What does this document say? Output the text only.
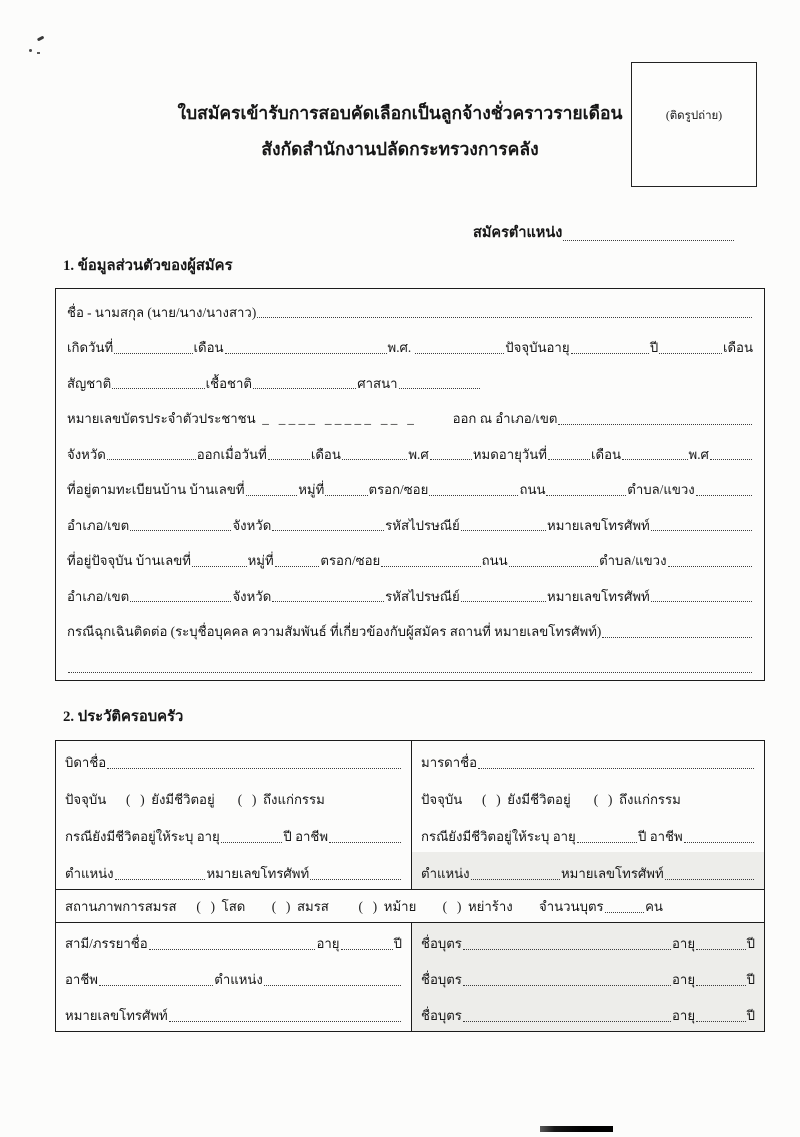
ใบสมัครเข้ารับการสอบคัดเลือกเป็นลูกจ้างชั่วคราวรายเดือน
สังกัดสำนักงานปลัดกระทรวงการคลัง
(ติดรูปถ่าย)
สมัครตำแหน่ง
1. ข้อมูลส่วนตัวของผู้สมัคร
ชื่อ - นามสกุล (นาย/นาง/นางสาว)
เกิดวันที่	เดือน	พ.ศ.	ปัจจุบันอายุ	ปี	เดือน
สัญชาติ	เชื้อชาติ	ศาสนา
หมายเลขบัตรประจำตัวประชาชน  _   _ _ _ _   _ _ _ _ _   _ _   _	ออก ณ อำเภอ/เขต
จังหวัด	ออกเมื่อวันที่	เดือน	พ.ศ	หมดอายุวันที่	เดือน	พ.ศ
ที่อยู่ตามทะเบียนบ้าน บ้านเลขที่	หมู่ที่	ตรอก/ซอย	ถนน	ตำบล/แขวง
อำเภอ/เขต	จังหวัด	รหัสไปรษณีย์	หมายเลขโทรศัพท์
ที่อยู่ปัจจุบัน บ้านเลขที่	หมู่ที่	ตรอก/ซอย	ถนน	ตำบล/แขวง
อำเภอ/เขต	จังหวัด	รหัสไปรษณีย์	หมายเลขโทรศัพท์
กรณีฉุกเฉินติดต่อ (ระบุชื่อบุคคล ความสัมพันธ์ ที่เกี่ยวข้องกับผู้สมัคร สถานที่ หมายเลขโทรศัพท์)
2. ประวัติครอบครัว
บิดาชื่อ	มารดาชื่อ
ปัจจุบัน      (   )  ยังมีชีวิตอยู่       (   )  ถึงแก่กรรม	ปัจจุบัน      (   )  ยังมีชีวิตอยู่       (   )  ถึงแก่กรรม
กรณียังมีชีวิตอยู่ให้ระบุ อายุ	ปี อาชีพ	กรณียังมีชีวิตอยู่ให้ระบุ อายุ	ปี อาชีพ
ตำแหน่ง	หมายเลขโทรศัพท์	ตำแหน่ง	หมายเลขโทรศัพท์
สถานภาพการสมรส      (   )  โสด        (   )  สมรส         (   )  หม้าย        (   )  หย่าร้าง จำนวนบุตร	คน
สามี/ภรรยาชื่อ	อายุ	ปี ชื่อบุตร	อายุ	ปี
อาชีพ	ตำแหน่ง	ชื่อบุตร	อายุ	ปี
หมายเลขโทรศัพท์	ชื่อบุตร	อายุ	ปี
